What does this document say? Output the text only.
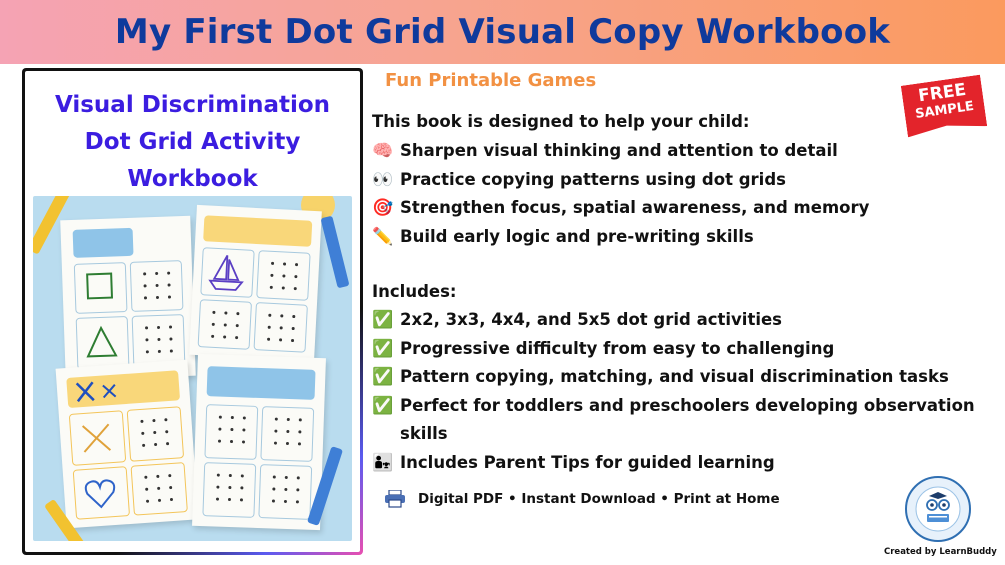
My First Dot Grid Visual Copy Workbook
Visual Discrimination
Dot Grid Activity
Workbook
Fun Printable Games	FREE
SAMPLE
This book is designed to help your child:
🧠 Sharpen visual thinking and attention to detail
👀 Practice copying patterns using dot grids
🎯 Strengthen focus, spatial awareness, and memory
✏️ Build early logic and pre-writing skills
Includes:
✅ 2x2, 3x3, 4x4, and 5x5 dot grid activities
✅ Progressive difficulty from easy to challenging
✅ Pattern copying, matching, and visual discrimination tasks
✅ Perfect for toddlers and preschoolers developing observation skills
👨‍👧 Includes Parent Tips for guided learning
Digital PDF • Instant Download • Print at Home
Created by LearnBuddy
